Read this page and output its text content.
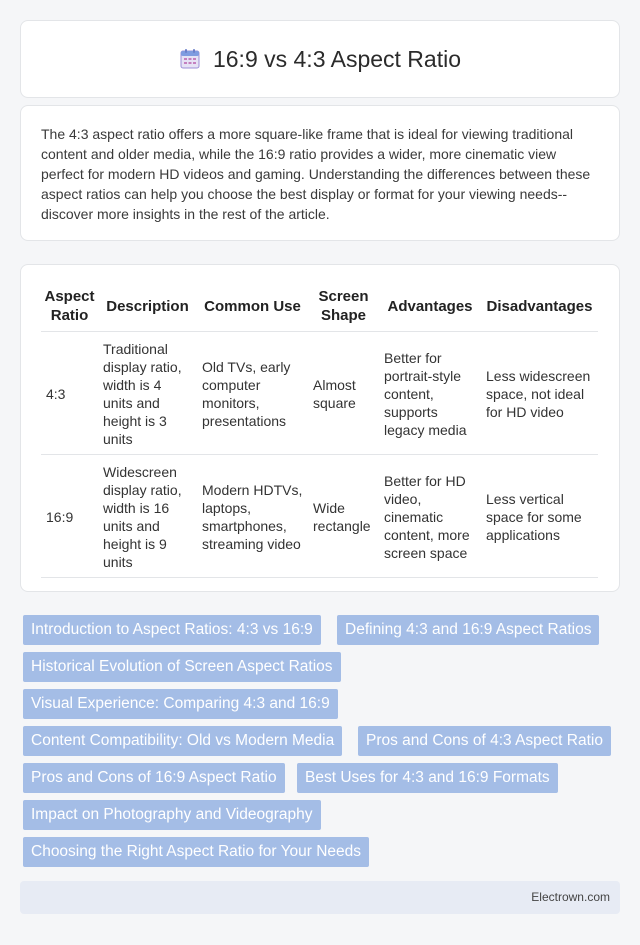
16:9 vs 4:3 Aspect Ratio

The 4:3 aspect ratio offers a more square-like frame that is ideal for viewing traditional content and older media, while the 16:9 ratio provides a wider, more cinematic view perfect for modern HD videos and gaming. Understanding the differences between these aspect ratios can help you choose the best display or format for your viewing needs--discover more insights in the rest of the article.

Aspect Ratio	Description	Common Use	Screen Shape	Advantages	Disadvantages
4:3	Traditional display ratio, width is 4 units and height is 3 units	Old TVs, early computer monitors, presentations	Almost square	Better for portrait-style content, supports legacy media	Less widescreen space, not ideal for HD video
16:9	Widescreen display ratio, width is 16 units and height is 9 units	Modern HDTVs, laptops, smartphones, streaming video	Wide rectangle	Better for HD video, cinematic content, more screen space	Less vertical space for some applications
Introduction to Aspect Ratios: 4:3 vs 16:9	Defining 4:3 and 16:9 Aspect Ratios
Historical Evolution of Screen Aspect Ratios
Visual Experience: Comparing 4:3 and 16:9
Content Compatibility: Old vs Modern Media	Pros and Cons of 4:3 Aspect Ratio
Pros and Cons of 16:9 Aspect Ratio	Best Uses for 4:3 and 16:9 Formats
Impact on Photography and Videography
Choosing the Right Aspect Ratio for Your Needs
Electrown.com
